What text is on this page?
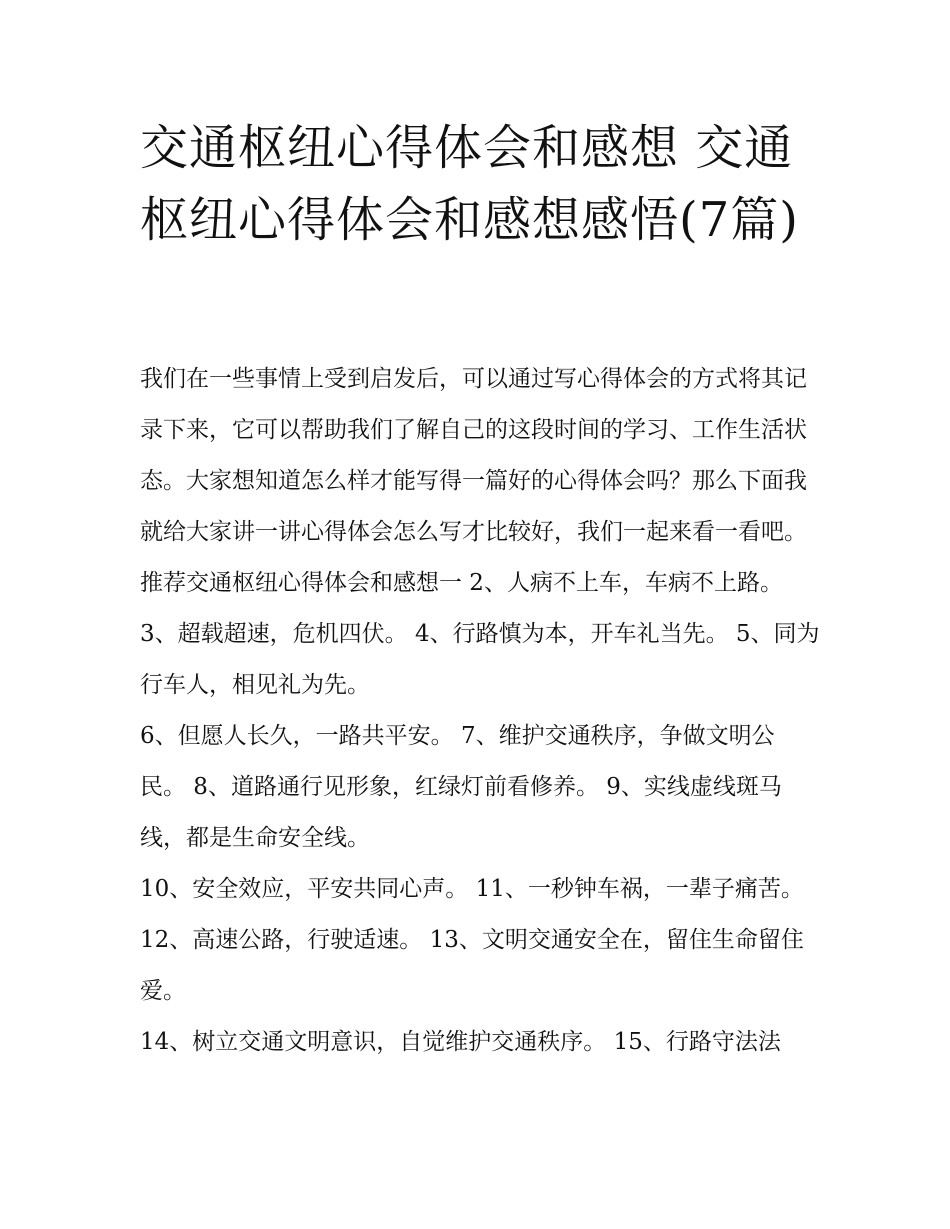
交通枢纽心得体会和感想 交通枢纽心得体会和感想感悟(7篇)

我们在一些事情上受到启发后，可以通过写心得体会的方式将其记录下来，它可以帮助我们了解自己的这段时间的学习、工作生活状态。大家想知道怎么样才能写得一篇好的心得体会吗？那么下面我就给大家讲一讲心得体会怎么写才比较好，我们一起来看一看吧。

推荐交通枢纽心得体会和感想一 2、人病不上车，车病不上路。 3、超载超速，危机四伏。 4、行路慎为本，开车礼当先。 5、同为行车人，相见礼为先。

6、但愿人长久，一路共平安。 7、维护交通秩序，争做文明公民。 8、道路通行见形象，红绿灯前看修养。 9、实线虚线斑马线，都是生命安全线。

10、安全效应，平安共同心声。 11、一秒钟车祸，一辈子痛苦。 12、高速公路，行驶适速。 13、文明交通安全在，留住生命留住爱。

14、树立交通文明意识，自觉维护交通秩序。 15、行路守法法
